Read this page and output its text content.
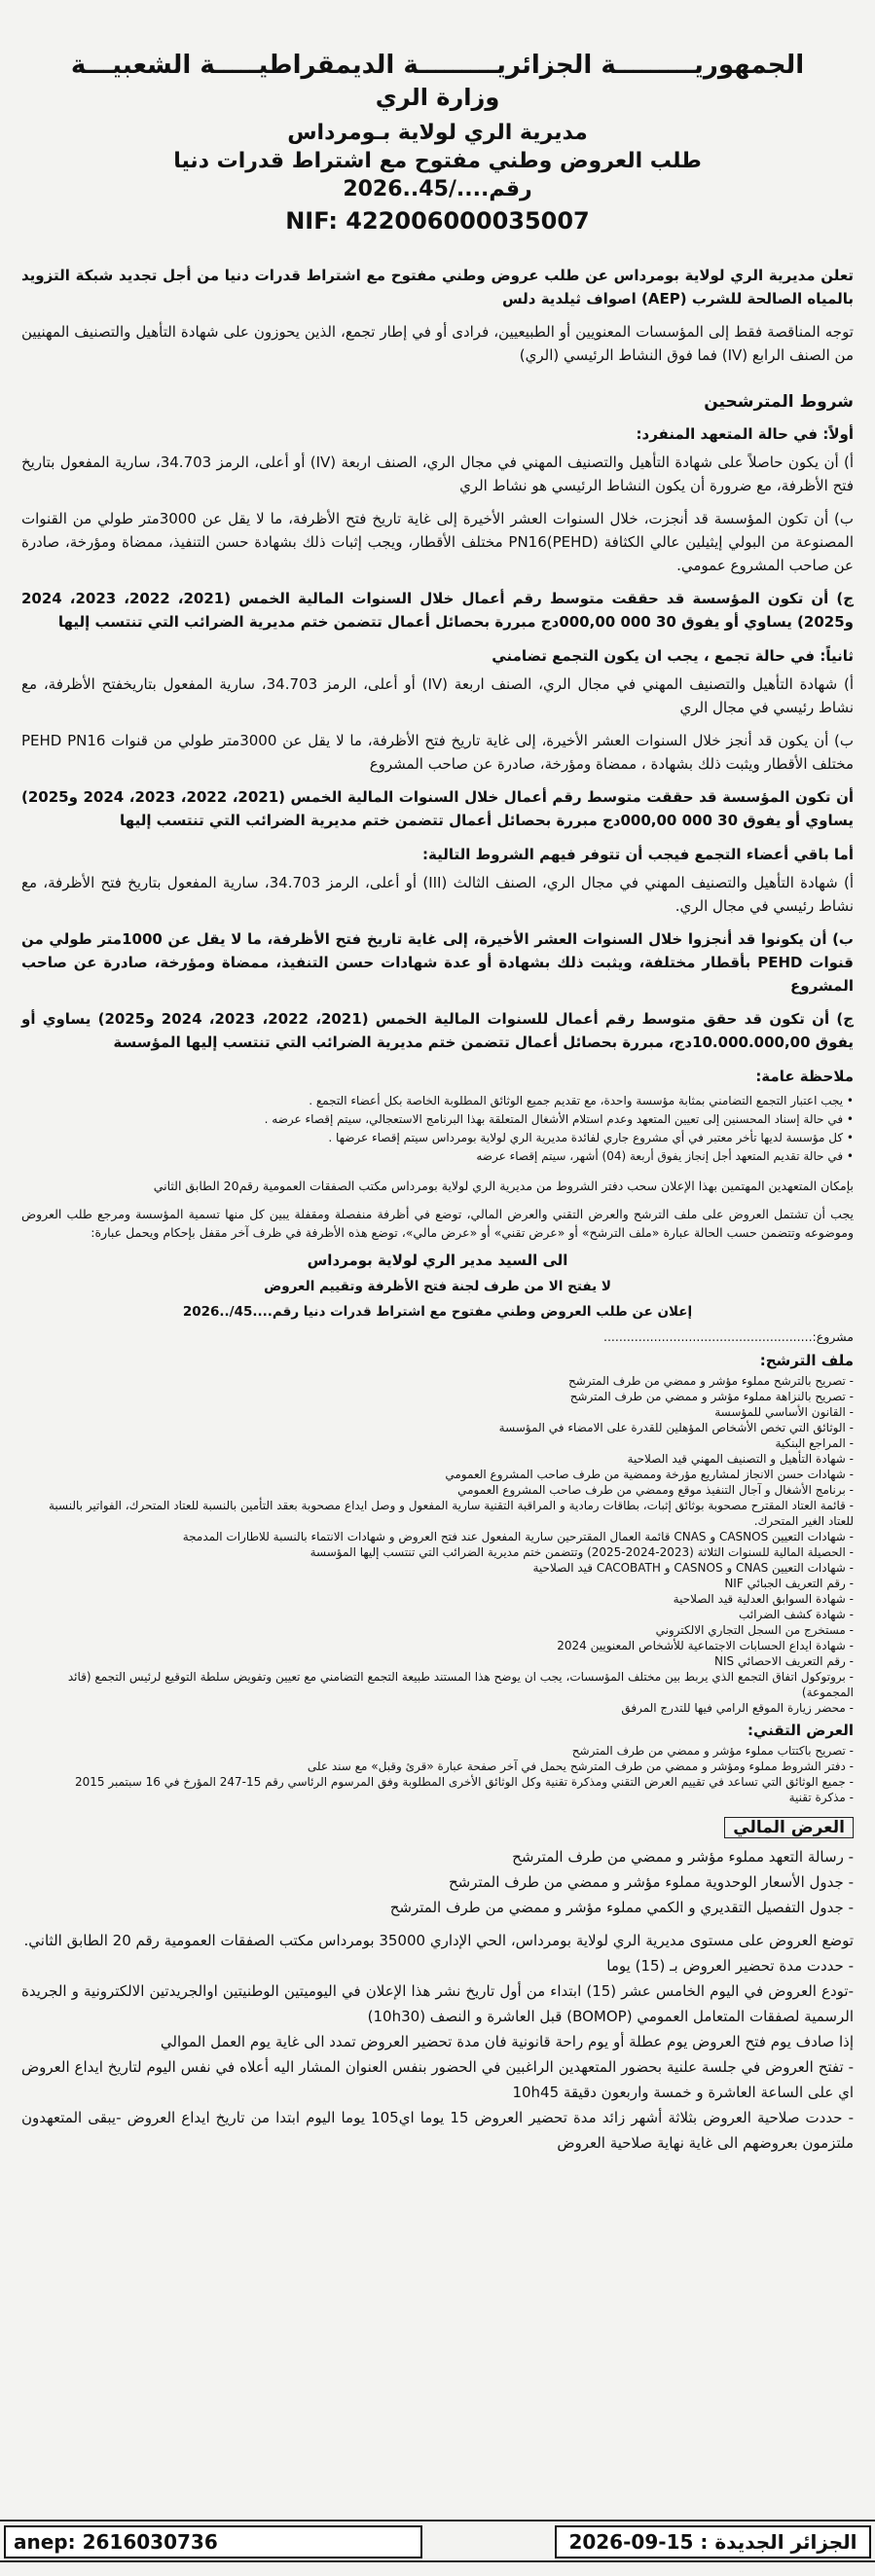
الجمهوريـــــــــة الجزائريـــــــــة الديمقراطيـــــة الشعبيـــة
وزارة الري
مديرية الري لولاية بـومرداس
طلب العروض وطني مفتوح مع اشتراط قدرات دنيا
رقم..../45..2026
NIF: 422006000035007

تعلن مديرية الري لولاية بومرداس عن طلب عروض وطني مفتوح مع اشتراط قدرات دنيا من أجل تجديد شبكة التزويد بالمياه الصالحة للشرب (AEP) اصواف ثيلدية دلس

توجه المناقصة فقط إلى المؤسسات المعنويين أو الطبيعيين، فرادى أو في إطار تجمع، الذين يحوزون على شهادة التأهيل والتصنيف المهنيين من الصنف الرابع (IV) فما فوق النشاط الرئيسي (الري)

شروط المترشحين
أولاً: في حالة المتعهد المنفرد:

أ) أن يكون حاصلاً على شهادة التأهيل والتصنيف المهني في مجال الري، الصنف اربعة (IV) أو أعلى، الرمز 34.703، سارية المفعول بتاريخ فتح الأظرفة، مع ضرورة أن يكون النشاط الرئيسي هو نشاط الري

ب) أن تكون المؤسسة قد أنجزت، خلال السنوات العشر الأخيرة إلى غاية تاريخ فتح الأظرفة، ما لا يقل عن 3000متر طولي من القنوات المصنوعة من البولي إيثيلين عالي الكثافة (PEHD)PN16 مختلف الأقطار، ويجب إثبات ذلك بشهادة حسن التنفيذ، ممضاة ومؤرخة، صادرة عن صاحب المشروع عمومي.

ج) أن تكون المؤسسة قد حققت متوسط رقم أعمال خلال السنوات المالية الخمس (2021، 2022، 2023، 2024 و2025) يساوي أو يفوق 30 000 000,00دج مبررة بحصائل أعمال تتضمن ختم مديرية الضرائب التي تنتسب إليها

ثانياً: في حالة تجمع ، يجب ان يكون التجمع تضامني

أ) شهادة التأهيل والتصنيف المهني في مجال الري، الصنف اربعة (IV) أو أعلى، الرمز 34.703، سارية المفعول بتاريخفتح الأظرفة، مع نشاط رئيسي في مجال الري

ب) أن يكون قد أنجز خلال السنوات العشر الأخيرة، إلى غاية تاريخ فتح الأظرفة، ما لا يقل عن 3000متر طولي من قنوات PEHD PN16 مختلف الأقطار ويثبت ذلك بشهادة ، ممضاة ومؤرخة، صادرة عن صاحب المشروع

أن تكون المؤسسة قد حققت متوسط رقم أعمال خلال السنوات المالية الخمس (2021، 2022، 2023، 2024 و2025) يساوي أو يفوق 30 000 000,00دج مبررة بحصائل أعمال تتضمن ختم مديرية الضرائب التي تنتسب إليها

أما باقي أعضاء التجمع فيجب أن تتوفر فيهم الشروط التالية:

أ) شهادة التأهيل والتصنيف المهني في مجال الري، الصنف الثالث (III) أو أعلى، الرمز 34.703، سارية المفعول بتاريخ فتح الأظرفة، مع نشاط رئيسي في مجال الري.

ب) أن يكونوا قد أنجزوا خلال السنوات العشر الأخيرة، إلى غاية تاريخ فتح الأظرفة، ما لا يقل عن 1000متر طولي من قنوات PEHD بأقطار مختلفة، ويثبت ذلك بشهادة أو عدة شهادات حسن التنفيذ، ممضاة ومؤرخة، صادرة عن صاحب المشروع

ج) أن تكون قد حقق متوسط رقم أعمال للسنوات المالية الخمس (2021، 2022، 2023، 2024 و2025) يساوي أو يفوق 10.000.000,00دج، مبررة بحصائل أعمال تتضمن ختم مديرية الضرائب التي تنتسب إليها المؤسسة

ملاحظة عامة:

• يجب اعتبار التجمع التضامني بمثابة مؤسسة واحدة، مع تقديم جميع الوثائق المطلوبة الخاصة بكل أعضاء التجمع .

• في حالة إسناد المحسنين إلى تعيين المتعهد وعدم استلام الأشغال المتعلقة بهذا البرنامج الاستعجالي، سيتم إقصاء عرضه .

• كل مؤسسة لديها تأخر معتبر في أي مشروع جاري لفائدة مديرية الري لولاية بومرداس سيتم إقصاء عرضها .

• في حالة تقديم المتعهد أجل إنجاز يفوق أربعة (04) أشهر، سيتم إقصاء عرضه

بإمكان المتعهدين المهتمين بهذا الإعلان سحب دفتر الشروط من مديرية الري لولاية بومرداس مكتب الصفقات العمومية رقم20 الطابق الثاني

يجب أن تشتمل العروض على ملف الترشح والعرض التقني والعرض المالي، توضع في أظرفة منفصلة ومقفلة يبين كل منها تسمية المؤسسة ومرجع طلب العروض وموضوعه وتتضمن حسب الحالة عبارة «ملف الترشح» أو «عرض تقني» أو «عرض مالي»، توضع هذه الأظرفة في ظرف آخر مقفل بإحكام ويحمل عبارة:

الى السيد مدير الري لولاية بومرداس
لا يفتح الا من طرف لجنة فتح الأظرفة وتقييم العروض
إعلان عن طلب العروض وطني مفتوح مع اشتراط قدرات دنيا رقم....45/..2026

مشروع:......................................................

ملف الترشح:
- تصريح بالترشح مملوء مؤشر و ممضي من طرف المترشح
- تصريح بالنزاهة مملوء مؤشر و ممضي من طرف المترشح
- القانون الأساسي للمؤسسة
- الوثائق التي تخص الأشخاص المؤهلين للقدرة على الامضاء في المؤسسة
- المراجع البنكية
- شهادة التأهيل و التصنيف المهني قيد الصلاحية
- شهادات حسن الانجاز لمشاريع مؤرخة وممضية من طرف صاحب المشروع العمومي
- برنامج الأشغال و آجال التنفيذ موقع وممضي من طرف صاحب المشروع العمومي
- قائمة العتاد المقترح مصحوبة بوثائق إثبات، بطاقات رمادية و المراقبة التقنية سارية المفعول و وصل ايداع مصحوبة بعقد التأمين بالنسبة للعتاد المتحرك، الفواتير بالنسبة للعتاد الغير المتحرك.
- شهادات التعيين CASNOS و CNAS قائمة العمال المقترحين سارية المفعول عند فتح العروض و شهادات الانتماء بالنسبة للاطارات المدمجة
- الحصيلة المالية للسنوات الثلاثة (2023-2024-2025) وتتضمن ختم مديرية الضرائب التي تنتسب إليها المؤسسة
- شهادات التعيين CNAS و CASNOS و CACOBATH قيد الصلاحية
- رقم التعريف الجبائي NIF
- شهادة السوابق العدلية قيد الصلاحية
- شهادة كشف الضرائب
- مستخرج من السجل التجاري الالكتروني
- شهادة ايداع الحسابات الاجتماعية للأشخاص المعنويين 2024
- رقم التعريف الاحصائي NIS
- بروتوكول اتفاق التجمع الذي يربط بين مختلف المؤسسات، يجب ان يوضح هذا المستند طبيعة التجمع التضامني مع تعيين وتفويض سلطة التوقيع لرئيس التجمع (قائد المجموعة)
- محضر زيارة الموقع الرامي فيها للتدرج المرفق
العرض التقني:
- تصريح باكتتاب مملوء مؤشر و ممضي من طرف المترشح
- دفتر الشروط مملوء ومؤشر و ممضي من طرف المترشح يحمل في آخر صفحة عبارة «قرئ وقبل» مع سند على
- جميع الوثائق التي تساعد في تقييم العرض التقني ومذكرة تقنية وكل الوثائق الأخرى المطلوبة وفق المرسوم الرئاسي رقم 15-247 المؤرخ في 16 سبتمبر 2015
- مذكرة تقنية
العرض المالي
- رسالة التعهد مملوء مؤشر و ممضي من طرف المترشح
- جدول الأسعار الوحدوية مملوء مؤشر و ممضي من طرف المترشح
- جدول التفصيل التقديري و الكمي مملوء مؤشر و ممضي من طرف المترشح

توضع العروض على مستوى مديرية الري لولاية بومرداس، الحي الإداري 35000 بومرداس مكتب الصفقات العمومية رقم 20 الطابق الثاني.

- حددت مدة تحضير العروض بـ (15) يوما

-تودع العروض في اليوم الخامس عشر (15) ابتداء من أول تاريخ نشر هذا الإعلان في اليوميتين الوطنيتين اوالجريدتين الالكترونية و الجريدة الرسمية لصفقات المتعامل العمومي (BOMOP) قبل العاشرة و النصف (10h30)

إذا صادف يوم فتح العروض يوم عطلة أو يوم راحة قانونية فان مدة تحضير العروض تمدد الى غاية يوم العمل الموالي

- تفتح العروض في جلسة علنية بحضور المتعهدين الراغبين في الحضور بنفس العنوان المشار اليه أعلاه في نفس اليوم لتاريخ ايداع العروض اي على الساعة العاشرة و خمسة واربعون دقيقة 10h45

- حددت صلاحية العروض بثلاثة أشهر زائد مدة تحضير العروض 15 يوما اي105 يوما اليوم ابتدا من تاريخ ايداع العروض -يبقى المتعهدون ملتزمون بعروضهم الى غاية نهاية صلاحية العروض

anep: 2616030736	الجزائر الجديدة : 15-09-2026
